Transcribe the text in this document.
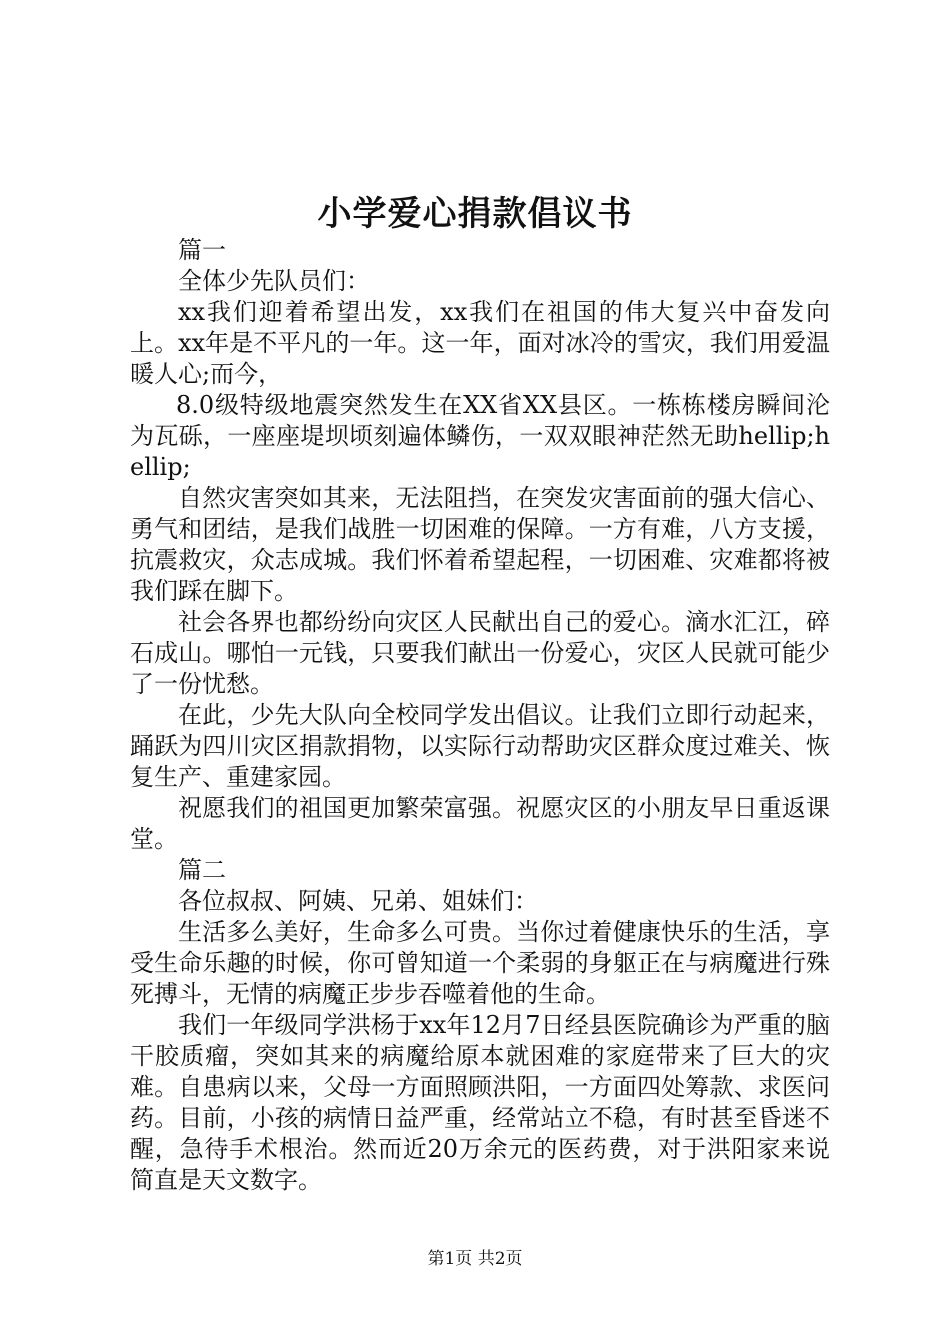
小学爱心捐款倡议书

篇一

全体少先队员们：

xx我们迎着希望出发，xx我们在祖国的伟大复兴中奋发向上。xx年是不平凡的一年。这一年，面对冰冷的雪灾，我们用爱温暖人心;而今，

8.0级特级地震突然发生在XX省XX县区。一栋栋楼房瞬间沦为瓦砾，一座座堤坝顷刻遍体鳞伤，一双双眼神茫然无助hellip;hellip;

自然灾害突如其来，无法阻挡，在突发灾害面前的强大信心、勇气和团结，是我们战胜一切困难的保障。一方有难，八方支援，抗震救灾，众志成城。我们怀着希望起程，一切困难、灾难都将被我们踩在脚下。

社会各界也都纷纷向灾区人民献出自己的爱心。滴水汇江，碎石成山。哪怕一元钱，只要我们献出一份爱心，灾区人民就可能少了一份忧愁。

在此，少先大队向全校同学发出倡议。让我们立即行动起来，踊跃为四川灾区捐款捐物，以实际行动帮助灾区群众度过难关、恢复生产、重建家园。

祝愿我们的祖国更加繁荣富强。祝愿灾区的小朋友早日重返课堂。

篇二

各位叔叔、阿姨、兄弟、姐妹们：

生活多么美好，生命多么可贵。当你过着健康快乐的生活，享受生命乐趣的时候，你可曾知道一个柔弱的身躯正在与病魔进行殊死搏斗，无情的病魔正步步吞噬着他的生命。

我们一年级同学洪杨于xx年12月7日经县医院确诊为严重的脑干胶质瘤，突如其来的病魔给原本就困难的家庭带来了巨大的灾难。自患病以来，父母一方面照顾洪阳，一方面四处筹款、求医问药。目前，小孩的病情日益严重，经常站立不稳，有时甚至昏迷不醒，急待手术根治。然而近20万余元的医药费，对于洪阳家来说简直是天文数字。

第1页 共2页
